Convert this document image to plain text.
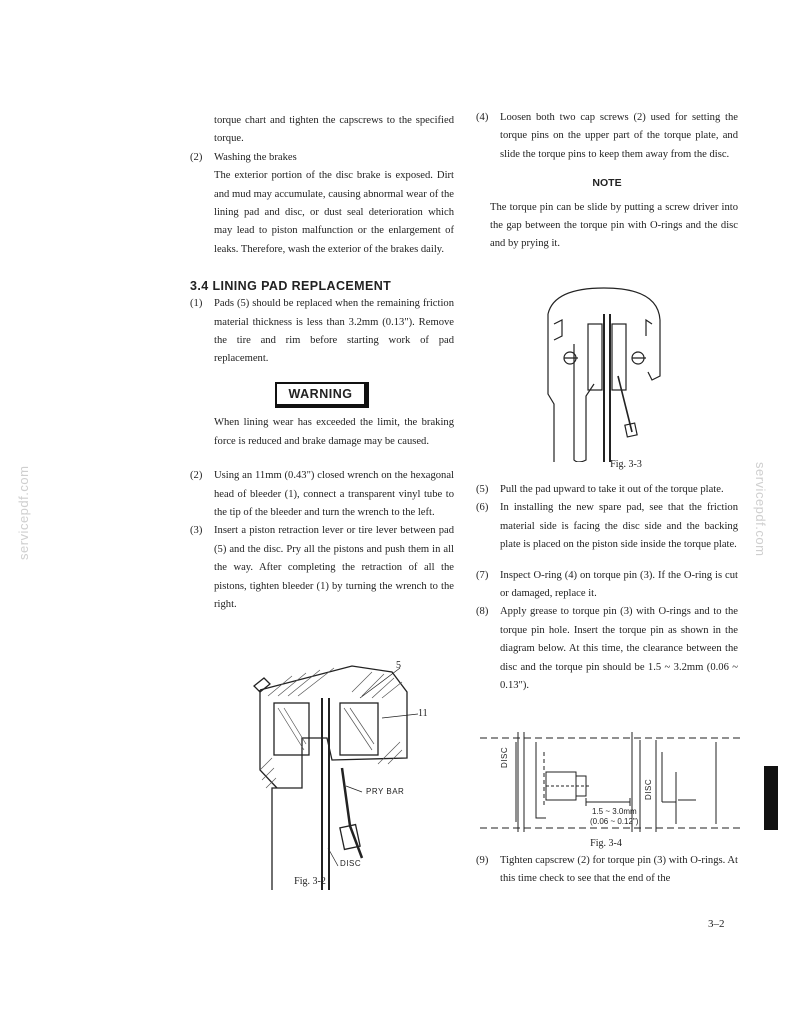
torque chart and tighten the capscrews to the specified torque.

(2)	Washing the brakes

The exterior portion of the disc brake is exposed. Dirt and mud may accumulate, causing abnormal wear of the lining pad and disc, or dust seal deterioration which may lead to piston malfunction or the enlargement of leaks. Therefore, wash the exterior of the brakes daily.

3.4 LINING PAD REPLACEMENT
(1)	Pads (5) should be replaced when the remaining friction material thickness is less than 3.2mm (0.13"). Remove the tire and rim before starting work of pad replacement.

WARNING

When lining wear has exceeded the limit, the braking force is reduced and brake damage may be caused.

(2)	Using an 11mm (0.43") closed wrench on the hexagonal head of bleeder (1), connect a transparent vinyl tube to the tip of the bleeder and turn the wrench to the left.

(3)	Insert a piston retraction lever or tire lever between pad (5) and the disc. Pry all the pistons and push them in all the way. After completing the retraction of all the pistons, tighten bleeder (1) by turning the wrench to the right.

5
11
PRY BAR
DISC
Fig. 3-2
(4)	Loosen both two cap screws (2) used for setting the torque pins on the upper part of the torque plate, and slide the torque pins to keep them away from the disc.

NOTE

The torque pin can be slide by putting a screw driver into the gap between the torque pin with O-rings and the disc and by prying it.

Fig. 3-3
(5)	Pull the pad upward to take it out of the torque plate.

(6)	In installing the new spare pad, see that the friction material side is facing the disc side and the backing plate is placed on the piston side inside the torque plate.

(7)	Inspect O-ring (4) on torque pin (3). If the O-ring is cut or damaged, replace it.

(8)	Apply grease to torque pin (3) with O-rings and to the torque pin hole. Insert the torque pin as shown in the diagram below. At this time, the clearance between the disc and the torque pin should be 1.5 ~ 3.2mm (0.06 ~ 0.13").

DISC
DISC
1.5 ~ 3.0mm
(0.06 ~ 0.12")
Fig. 3-4
(9)	Tighten capscrew (2) for torque pin (3) with O-rings. At this time check to see that the end of the

servicepdf.com	servicepdf.com
3–2
